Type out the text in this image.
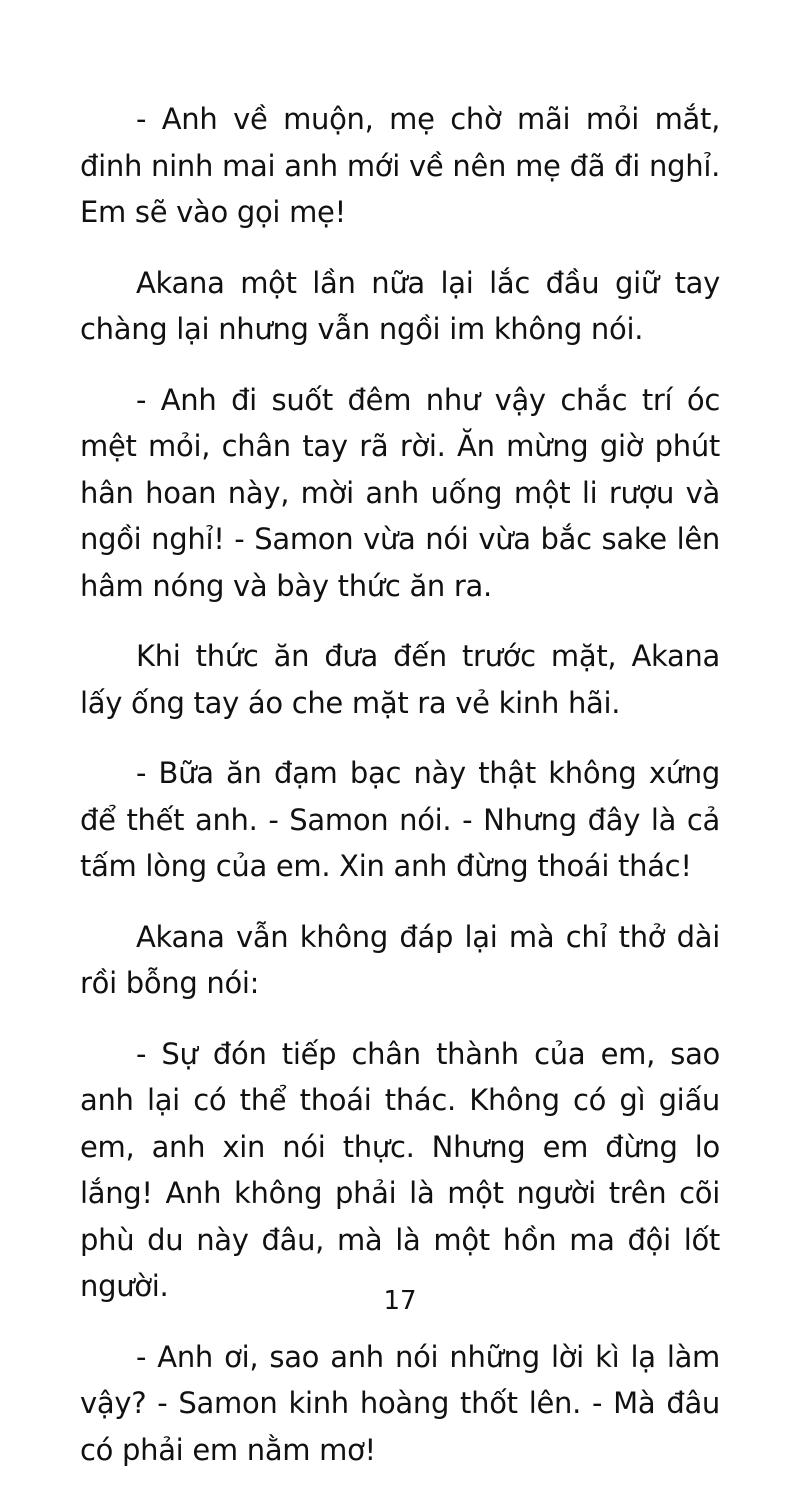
- Anh về muộn, mẹ chờ mãi mỏi mắt, đinh ninh mai anh mới về nên mẹ đã đi nghỉ. Em sẽ vào gọi mẹ!

Akana một lần nữa lại lắc đầu giữ tay chàng lại nhưng vẫn ngồi im không nói.

- Anh đi suốt đêm như vậy chắc trí óc mệt mỏi, chân tay rã rời. Ăn mừng giờ phút hân hoan này, mời anh uống một li rượu và ngồi nghỉ! - Samon vừa nói vừa bắc sake lên hâm nóng và bày thức ăn ra.

Khi thức ăn đưa đến trước mặt, Akana lấy ống tay áo che mặt ra vẻ kinh hãi.

- Bữa ăn đạm bạc này thật không xứng để thết anh. - Samon nói. - Nhưng đây là cả tấm lòng của em. Xin anh đừng thoái thác!

Akana vẫn không đáp lại mà chỉ thở dài rồi bỗng nói:

- Sự đón tiếp chân thành của em, sao anh lại có thể thoái thác. Không có gì giấu em, anh xin nói thực. Nhưng em đừng lo lắng! Anh không phải là một người trên cõi phù du này đâu, mà là một hồn ma đội lốt người.

- Anh ơi, sao anh nói những lời kì lạ làm vậy? - Samon kinh hoàng thốt lên. - Mà đâu có phải em nằm mơ!

17
